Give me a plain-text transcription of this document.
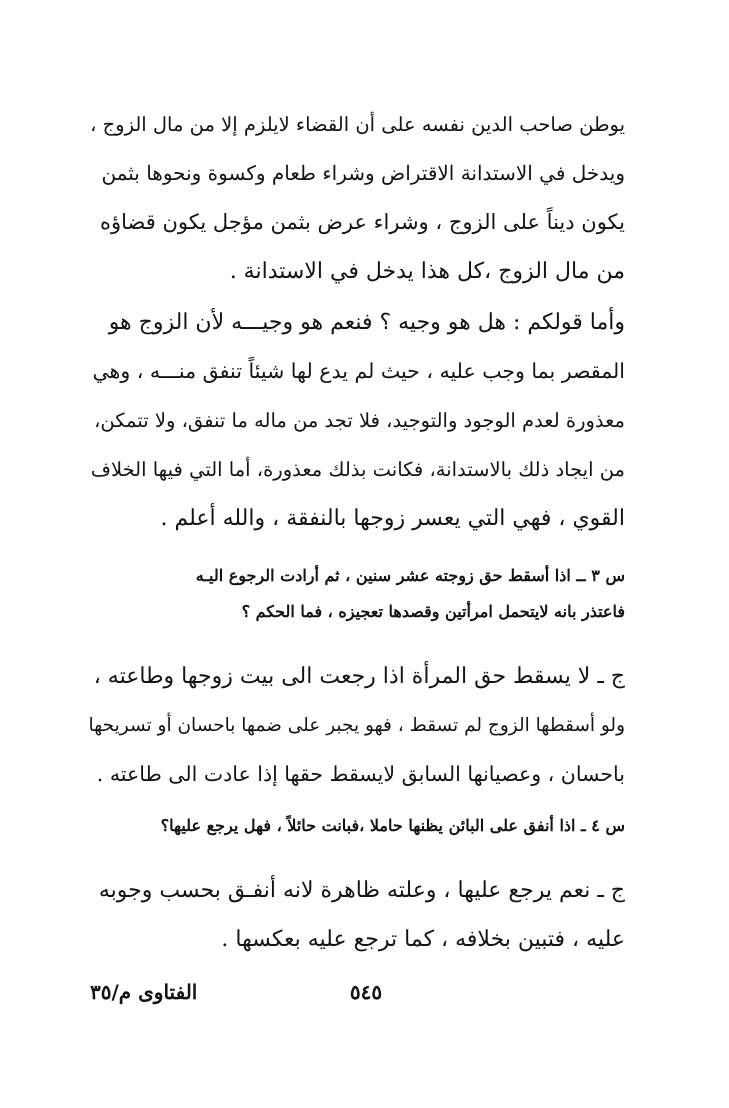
يوطن صاحب الدين نفسه على أن القضاء لايلزم إلا من مال الزوج ،
ويدخل في الاستدانة الاقتراض وشراء طعام وكسوة ونحوها بثمن
يكون ديناً على الزوج ، وشراء عرض بثمن مؤجل يكون قضاؤه
من مال الزوج ،كل هذا يدخل في الاستدانة .
وأما قولكم : هل هو وجيه ؟ فنعم هو وجيـــه لأن الزوج هو
المقصر بما وجب عليه ، حيث لم يدع لها شيئاً تنفق منـــه ، وهي
معذورة لعدم الوجود والتوجيد، فلا تجد من ماله ما تنفق، ولا تتمكن،
من ايجاد ذلك بالاستدانة، فكانت بذلك معذورة، أما التي فيها الخلاف
القوي ، فهي التي يعسر زوجها بالنفقة ، والله أعلم .
س ٣ ــ اذا أسقط حق زوجته عشر سنين ، ثم أرادت الرجوع اليـه
فاعتذر بانه لايتحمل امرأتين وقصدها تعجيزه ، فما الحكم ؟
ج ـ لا يسقط حق المرأة اذا رجعت الى بيت زوجها وطاعته ،
ولو أسقطها الزوج لم تسقط ، فهو يجبر على ضمها باحسان أو تسريحها
باحسان ، وعصيانها السابق لايسقط حقها إذا عادت الى طاعته .
س ٤ ـ اذا أنفق على البائن يظنها حاملا ،فبانت حائلاً ، فهل يرجع عليها؟
ج ـ نعم يرجع عليها ، وعلته ظاهرة لانه أنفـق بحسب وجوبه
عليه ، فتبين بخلافه ، كما ترجع عليه بعكسها .
٥٤٥
الفتاوى م/٣٥
